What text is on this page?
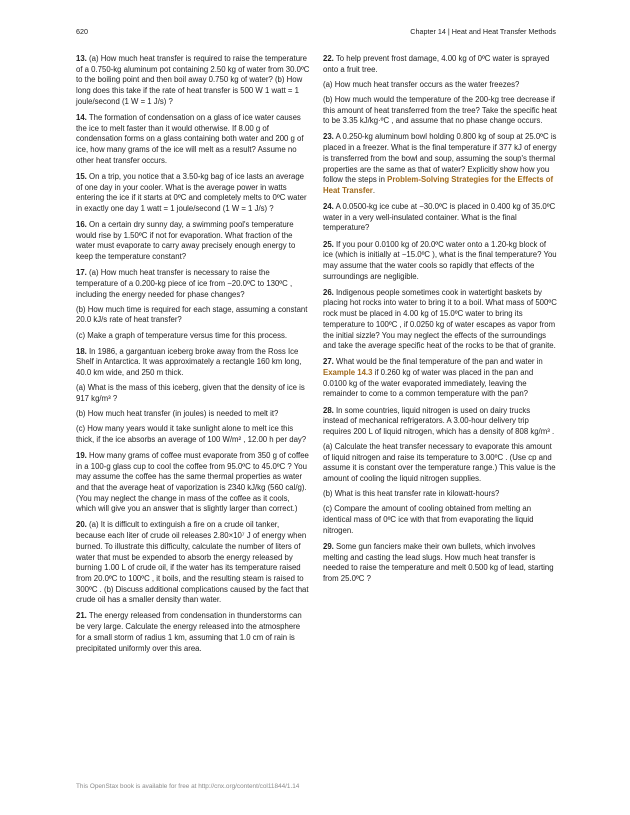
620	Chapter 14 | Heat and Heat Transfer Methods

13. (a) How much heat transfer is required to raise the temperature of a 0.750-kg aluminum pot containing 2.50 kg of water from 30.0ºC to the boiling point and then boil away 0.750 kg of water? (b) How long does this take if the rate of heat transfer is 500 W 1 watt = 1 joule/second (1 W = 1 J/s) ?

14. The formation of condensation on a glass of ice water causes the ice to melt faster than it would otherwise. If 8.00 g of condensation forms on a glass containing both water and 200 g of ice, how many grams of the ice will melt as a result? Assume no other heat transfer occurs.

15. On a trip, you notice that a 3.50-kg bag of ice lasts an average of one day in your cooler. What is the average power in watts entering the ice if it starts at 0ºC and completely melts to 0ºC water in exactly one day 1 watt = 1 joule/second (1 W = 1 J/s) ?

16. On a certain dry sunny day, a swimming pool's temperature would rise by 1.50ºC if not for evaporation. What fraction of the water must evaporate to carry away precisely enough energy to keep the temperature constant?

17. (a) How much heat transfer is necessary to raise the temperature of a 0.200-kg piece of ice from −20.0ºC to 130ºC , including the energy needed for phase changes?

(b) How much time is required for each stage, assuming a constant 20.0 kJ/s rate of heat transfer?

(c) Make a graph of temperature versus time for this process.

18. In 1986, a gargantuan iceberg broke away from the Ross Ice Shelf in Antarctica. It was approximately a rectangle 160 km long, 40.0 km wide, and 250 m thick.

(a) What is the mass of this iceberg, given that the density of ice is 917 kg/m³ ?

(b) How much heat transfer (in joules) is needed to melt it?

(c) How many years would it take sunlight alone to melt ice this thick, if the ice absorbs an average of 100 W/m² , 12.00 h per day?

19. How many grams of coffee must evaporate from 350 g of coffee in a 100-g glass cup to cool the coffee from 95.0ºC to 45.0ºC ? You may assume the coffee has the same thermal properties as water and that the average heat of vaporization is 2340 kJ/kg (560 cal/g). (You may neglect the change in mass of the coffee as it cools, which will give you an answer that is slightly larger than correct.)

20. (a) It is difficult to extinguish a fire on a crude oil tanker, because each liter of crude oil releases 2.80×10⁷ J of energy when burned. To illustrate this difficulty, calculate the number of liters of water that must be expended to absorb the energy released by burning 1.00 L of crude oil, if the water has its temperature raised from 20.0ºC to 100ºC , it boils, and the resulting steam is raised to 300ºC . (b) Discuss additional complications caused by the fact that crude oil has a smaller density than water.

21. The energy released from condensation in thunderstorms can be very large. Calculate the energy released into the atmosphere for a small storm of radius 1 km, assuming that 1.0 cm of rain is precipitated uniformly over this area.

22. To help prevent frost damage, 4.00 kg of 0ºC water is sprayed onto a fruit tree.

(a) How much heat transfer occurs as the water freezes?

(b) How much would the temperature of the 200-kg tree decrease if this amount of heat transferred from the tree? Take the specific heat to be 3.35 kJ/kg·ºC , and assume that no phase change occurs.

23. A 0.250-kg aluminum bowl holding 0.800 kg of soup at 25.0ºC is placed in a freezer. What is the final temperature if 377 kJ of energy is transferred from the bowl and soup, assuming the soup's thermal properties are the same as that of water? Explicitly show how you follow the steps in Problem-Solving Strategies for the Effects of Heat Transfer.

24. A 0.0500-kg ice cube at −30.0ºC is placed in 0.400 kg of 35.0ºC water in a very well-insulated container. What is the final temperature?

25. If you pour 0.0100 kg of 20.0ºC water onto a 1.20-kg block of ice (which is initially at −15.0ºC ), what is the final temperature? You may assume that the water cools so rapidly that effects of the surroundings are negligible.

26. Indigenous people sometimes cook in watertight baskets by placing hot rocks into water to bring it to a boil. What mass of 500ºC rock must be placed in 4.00 kg of 15.0ºC water to bring its temperature to 100ºC , if 0.0250 kg of water escapes as vapor from the initial sizzle? You may neglect the effects of the surroundings and take the average specific heat of the rocks to be that of granite.

27. What would be the final temperature of the pan and water in Example 14.3 if 0.260 kg of water was placed in the pan and 0.0100 kg of the water evaporated immediately, leaving the remainder to come to a common temperature with the pan?

28. In some countries, liquid nitrogen is used on dairy trucks instead of mechanical refrigerators. A 3.00-hour delivery trip requires 200 L of liquid nitrogen, which has a density of 808 kg/m³ .

(a) Calculate the heat transfer necessary to evaporate this amount of liquid nitrogen and raise its temperature to 3.00ºC . (Use cp and assume it is constant over the temperature range.) This value is the amount of cooling the liquid nitrogen supplies.

(b) What is this heat transfer rate in kilowatt-hours?

(c) Compare the amount of cooling obtained from melting an identical mass of 0ºC ice with that from evaporating the liquid nitrogen.

29. Some gun fanciers make their own bullets, which involves melting and casting the lead slugs. How much heat transfer is needed to raise the temperature and melt 0.500 kg of lead, starting from 25.0ºC ?

This OpenStax book is available for free at http://cnx.org/content/col11844/1.14
